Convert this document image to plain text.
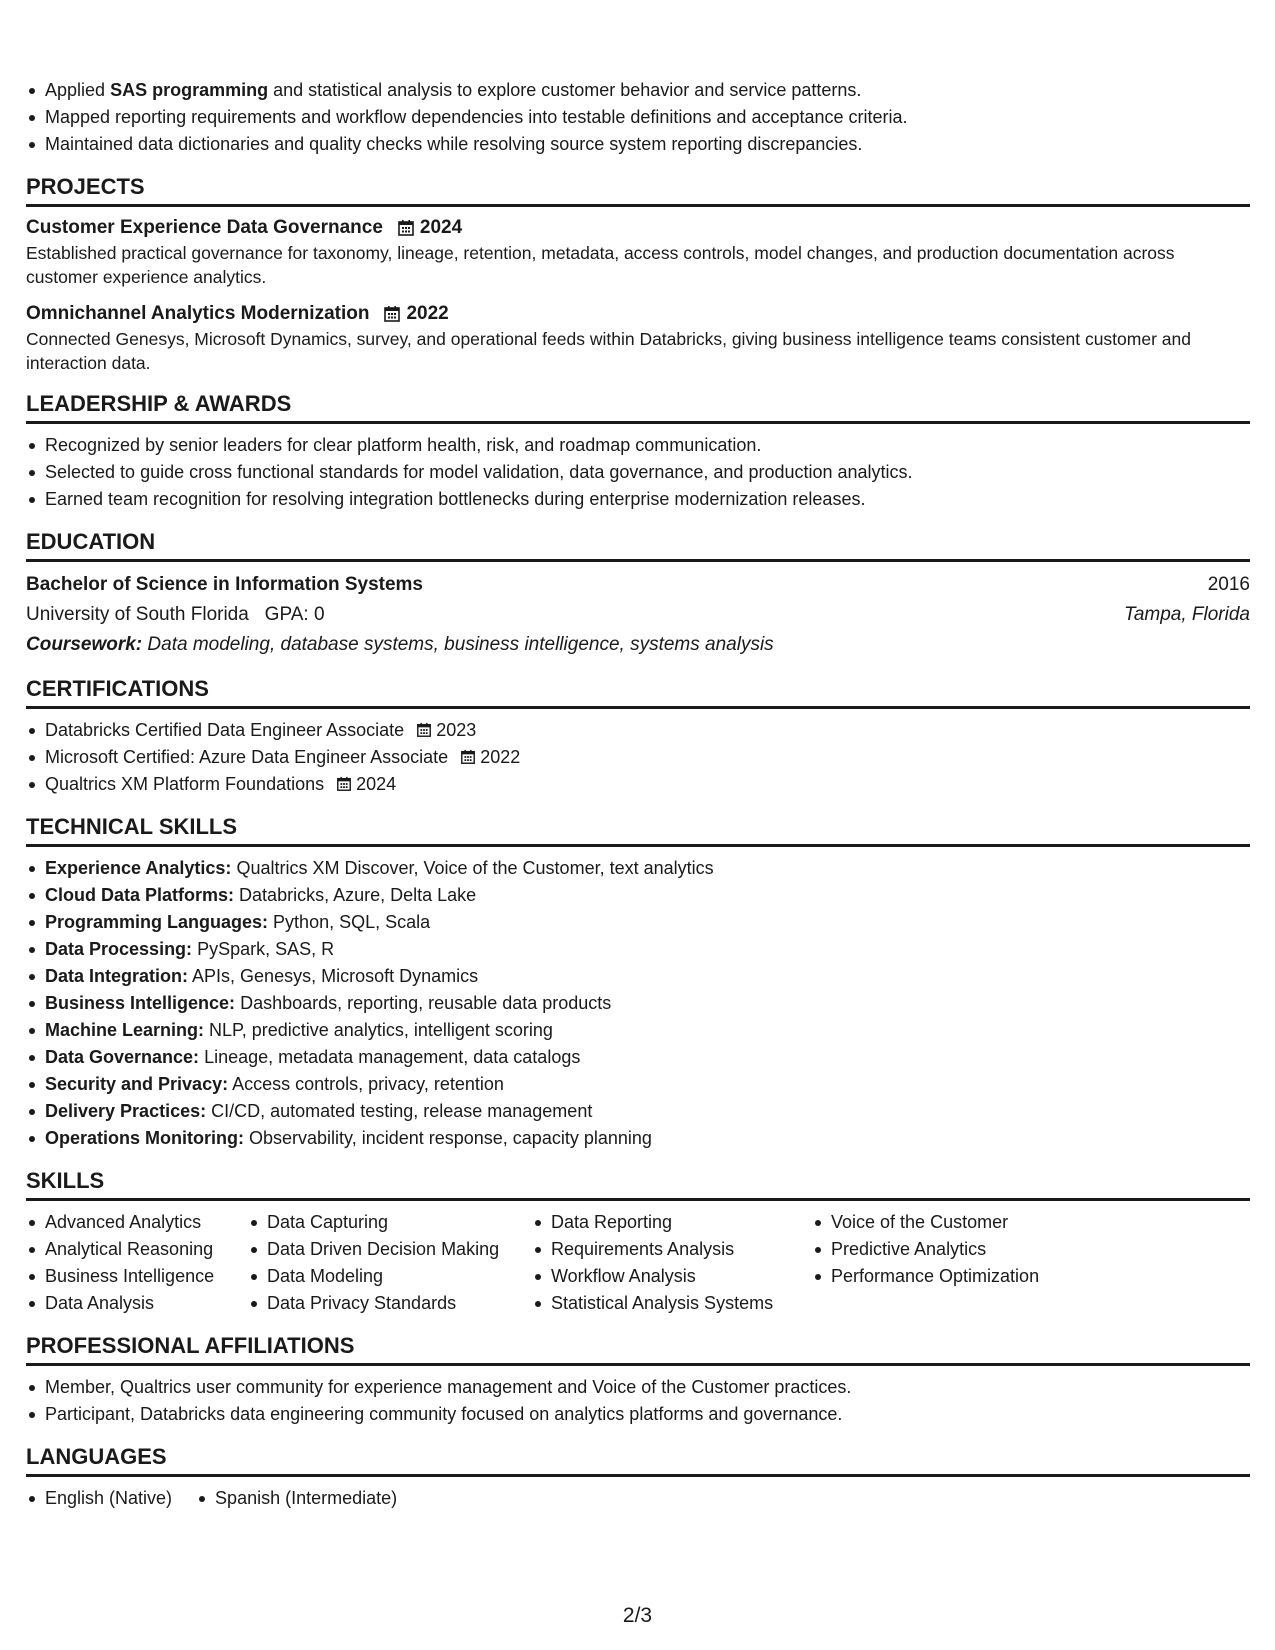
Applied SAS programming and statistical analysis to explore customer behavior and service patterns.
Mapped reporting requirements and workflow dependencies into testable definitions and acceptance criteria.
Maintained data dictionaries and quality checks while resolving source system reporting discrepancies.
PROJECTS
Customer Experience Data Governance 2024
Established practical governance for taxonomy, lineage, retention, metadata, access controls, model changes, and production documentation across customer experience analytics.
Omnichannel Analytics Modernization 2022
Connected Genesys, Microsoft Dynamics, survey, and operational feeds within Databricks, giving business intelligence teams consistent customer and interaction data.
LEADERSHIP & AWARDS
Recognized by senior leaders for clear platform health, risk, and roadmap communication.
Selected to guide cross functional standards for model validation, data governance, and production analytics.
Earned team recognition for resolving integration bottlenecks during enterprise modernization releases.
EDUCATION
Bachelor of Science in Information Systems	2016
University of South Florida GPA: 0	Tampa, Florida
Coursework: Data modeling, database systems, business intelligence, systems analysis
CERTIFICATIONS
Databricks Certified Data Engineer Associate 2023
Microsoft Certified: Azure Data Engineer Associate 2022
Qualtrics XM Platform Foundations 2024
TECHNICAL SKILLS
Experience Analytics: Qualtrics XM Discover, Voice of the Customer, text analytics
Cloud Data Platforms: Databricks, Azure, Delta Lake
Programming Languages: Python, SQL, Scala
Data Processing: PySpark, SAS, R
Data Integration: APIs, Genesys, Microsoft Dynamics
Business Intelligence: Dashboards, reporting, reusable data products
Machine Learning: NLP, predictive analytics, intelligent scoring
Data Governance: Lineage, metadata management, data catalogs
Security and Privacy: Access controls, privacy, retention
Delivery Practices: CI/CD, automated testing, release management
Operations Monitoring: Observability, incident response, capacity planning
SKILLS
Advanced Analytics
Analytical Reasoning
Business Intelligence
Data Analysis
Data Capturing
Data Driven Decision Making
Data Modeling
Data Privacy Standards
Data Reporting
Requirements Analysis
Workflow Analysis
Statistical Analysis Systems
Voice of the Customer
Predictive Analytics
Performance Optimization
PROFESSIONAL AFFILIATIONS
Member, Qualtrics user community for experience management and Voice of the Customer practices.
Participant, Databricks data engineering community focused on analytics platforms and governance.
LANGUAGES
English (Native)	Spanish (Intermediate)
2/3
